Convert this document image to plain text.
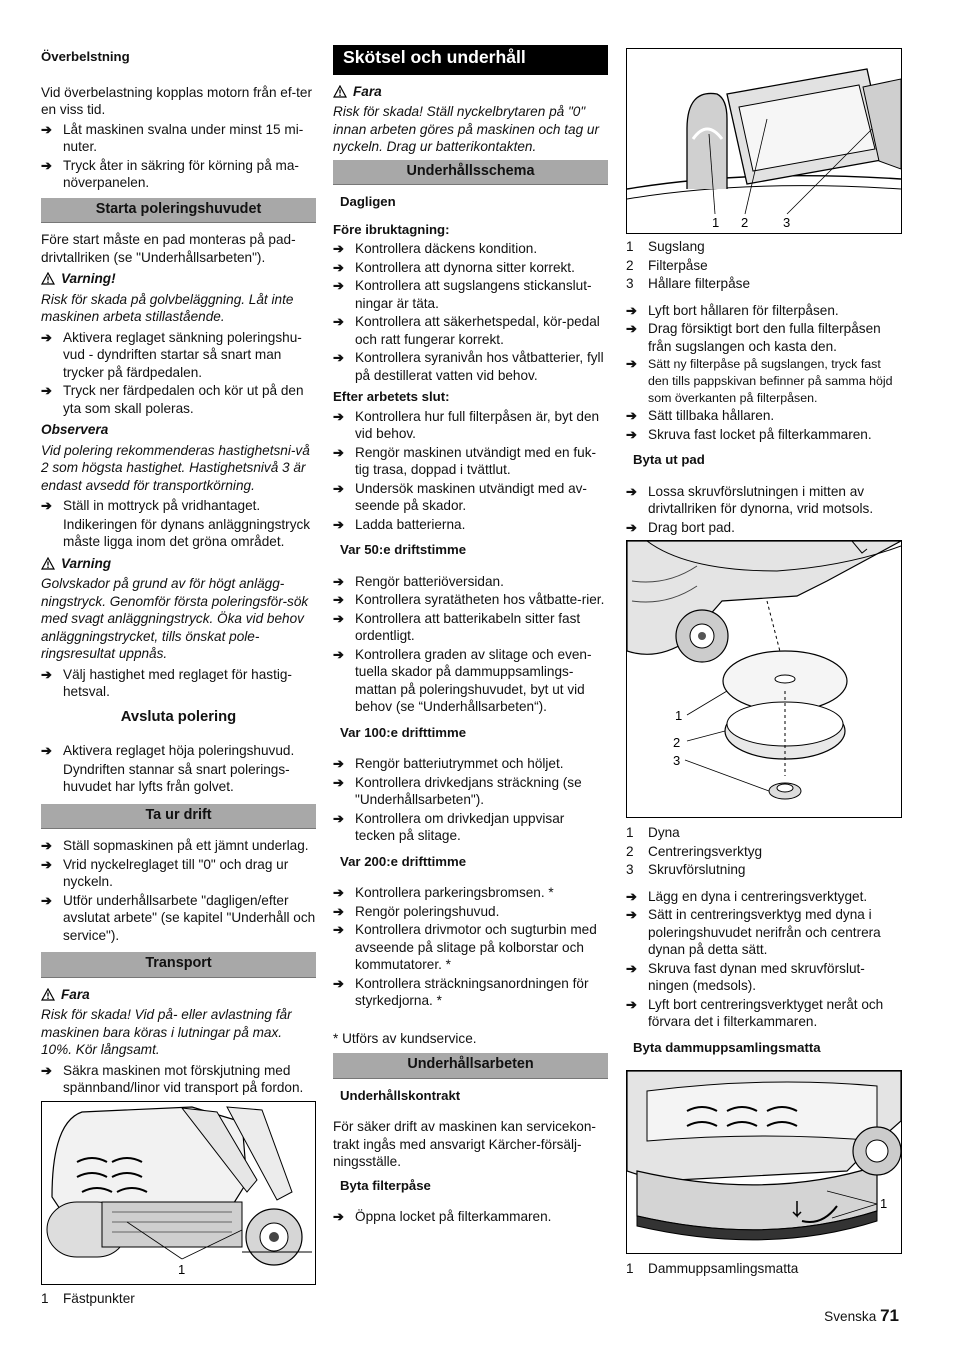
Överbelstning
Vid överbelastning kopplas motorn från ef-ter en viss tid.
➔ Låt maskinen svalna under minst 15 mi-nuter.
➔ Tryck åter in säkring för körning på ma-növerpanelen.
Starta poleringshuvudet
Före start måste en pad monteras på pad-drivtallriken (se "Underhållsarbeten").
Varning!
Risk för skada på golvbeläggning. Låt inte maskinen arbeta stillastående.
➔ Aktivera reglaget sänkning poleringshu-vud - dyndriften startar så snart man trycker på färdpedalen.
➔ Tryck ner färdpedalen och kör ut på den yta som skall poleras.
Observera
Vid polering rekommenderas hastighetsni-vå 2 som högsta hastighet. Hastighetsnivå 3 är endast avsedd för transportkörning.
➔ Ställ in mottryck på vridhantaget.
Indikeringen för dynans anläggningstryck måste ligga inom det gröna området.
Varning
Golvskador på grund av för högt anlägg-ningstryck. Genomför första poleringsför-sök med svagt anläggningstryck. Öka vid behov anläggningstrycket, tills önskat pole-ringsresultat uppnås.
➔ Välj hastighet med reglaget för hastig-hetsval.
Avsluta polering
➔ Aktivera reglaget höja poleringshuvud.
Dyndriften stannar så snart polerings-huvudet har lyfts från golvet.
Ta ur drift
➔ Ställ sopmaskinen på ett jämnt underlag.
➔ Vrid nyckelreglaget till "0" och drag ur nyckeln.
➔ Utför underhållsarbete "dagligen/efter avslutat arbete" (se kapitel "Underhåll och service").
Transport
Fara
Risk för skada! Vid på- eller avlastning får maskinen bara köras i lutningar på max. 10%. Kör långsamt.
➔ Säkra maskinen mot förskjutning med spännband/linor vid transport på fordon.
1
1	Fästpunkter
Skötsel och underhåll
Fara
Risk för skada! Ställ nyckelbrytaren på "0" innan arbeten göres på maskinen och tag ur nyckeln. Drag ur batterikontakten.
Underhållsschema
Dagligen
Före ibruktagning:
➔ Kontrollera däckens kondition.
➔ Kontrollera att dynorna sitter korrekt.
➔ Kontrollera att sugslangens stickanslut-ningar är täta.
➔ Kontrollera att säkerhetspedal, kör-pedal och ratt fungerar korrekt.
➔ Kontrollera syranivån hos våtbatterier, fyll på destillerat vatten vid behov.
Efter arbetets slut:
➔ Kontrollera hur full filterpåsen är, byt den vid behov.
➔ Rengör maskinen utvändigt med en fuk-tig trasa, doppad i tvättlut.
➔ Undersök maskinen utvändigt med av-seende på skador.
➔ Ladda batterierna.
Var 50:e driftstimme
➔ Rengör batteriöversidan.
➔ Kontrollera syratätheten hos våtbatte-rier.
➔ Kontrollera att batterikabeln sitter fast ordentligt.
➔ Kontrollera graden av slitage och even-tuella skador på dammuppsamlings-mattan på poleringshuvudet, byt ut vid behov (se “Underhållsarbeten“).
Var 100:e drifttimme
➔ Rengör batteriutrymmet och höljet.
➔ Kontrollera drivkedjans sträckning (se "Underhållsarbeten").
➔ Kontrollera om drivkedjan uppvisar tecken på slitage.
Var 200:e drifttimme
➔ Kontrollera parkeringsbromsen. *
➔ Rengör poleringshuvud.
➔ Kontrollera drivmotor och sugturbin med avseende på slitage på kolborstar och kommutatorer. *
➔ Kontrollera sträckningsanordningen för styrkedjorna. *
* Utförs av kundservice.
Underhållsarbeten
Underhållskontrakt
För säker drift av maskinen kan servicekon-trakt ingås med ansvarigt Kärcher-försälj-ningsställe.
Byta filterpåse
➔ Öppna locket på filterkammaren.
1 2	3
1	Sugslang
2	Filterpåse
3	Hållare filterpåse
➔ Lyft bort hållaren för filterpåsen.
➔ Drag försiktigt bort den fulla filterpåsen från sugslangen och kasta den.
➔ Sätt ny filterpåse på sugslangen, tryck fast den tills pappskivan befinner på samma höjd som överkanten på filterpåsen.
➔ Sätt tillbaka hållaren.
➔ Skruva fast locket på filterkammaren.
Byta ut pad
➔ Lossa skruvförslutningen i mitten av drivtallriken för dynorna, vrid motsols.
➔ Drag bort pad.
1
2
3
1	Dyna
2	Centreringsverktyg
3	Skruvförslutning
➔ Lägg en dyna i centreringsverktyget.
➔ Sätt in centreringsverktyg med dyna i poleringshuvudet nerifrån och centrera dynan på detta sätt.
➔ Skruva fast dynan med skruvförslut-ningen (medsols).
➔ Lyft bort centreringsverktyget neråt och förvara det i filterkammaren.
Byta dammuppsamlingsmatta
1
1	Dammuppsamlingsmatta
Svenska 71
